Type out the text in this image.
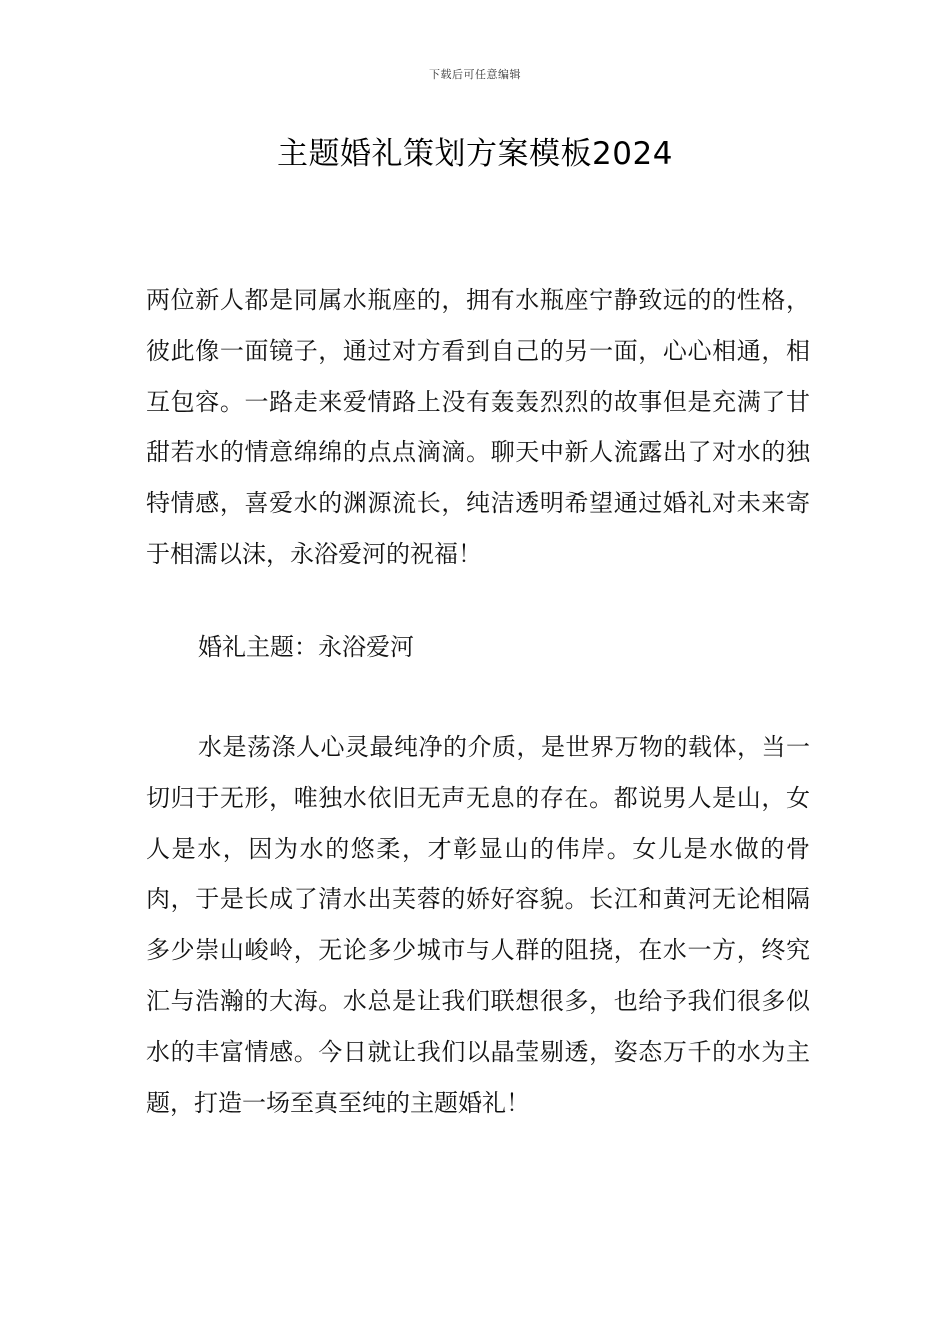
下载后可任意编辑
主题婚礼策划方案模板2024

两位新人都是同属水瓶座的，拥有水瓶座宁静致远的的性格，彼此像一面镜子，通过对方看到自己的另一面，心心相通，相互包容。一路走来爱情路上没有轰轰烈烈的故事但是充满了甘甜若水的情意绵绵的点点滴滴。聊天中新人流露出了对水的独特情感，喜爱水的渊源流长，纯洁透明希望通过婚礼对未来寄于相濡以沫，永浴爱河的祝福！

婚礼主题：永浴爱河

水是荡涤人心灵最纯净的介质，是世界万物的载体，当一切归于无形，唯独水依旧无声无息的存在。都说男人是山，女人是水，因为水的悠柔，才彰显山的伟岸。女儿是水做的骨肉，于是长成了清水出芙蓉的娇好容貌。长江和黄河无论相隔多少崇山峻岭，无论多少城市与人群的阻挠，在水一方，终究汇与浩瀚的大海。水总是让我们联想很多，也给予我们很多似水的丰富情感。今日就让我们以晶莹剔透，姿态万千的水为主题，打造一场至真至纯的主题婚礼！
